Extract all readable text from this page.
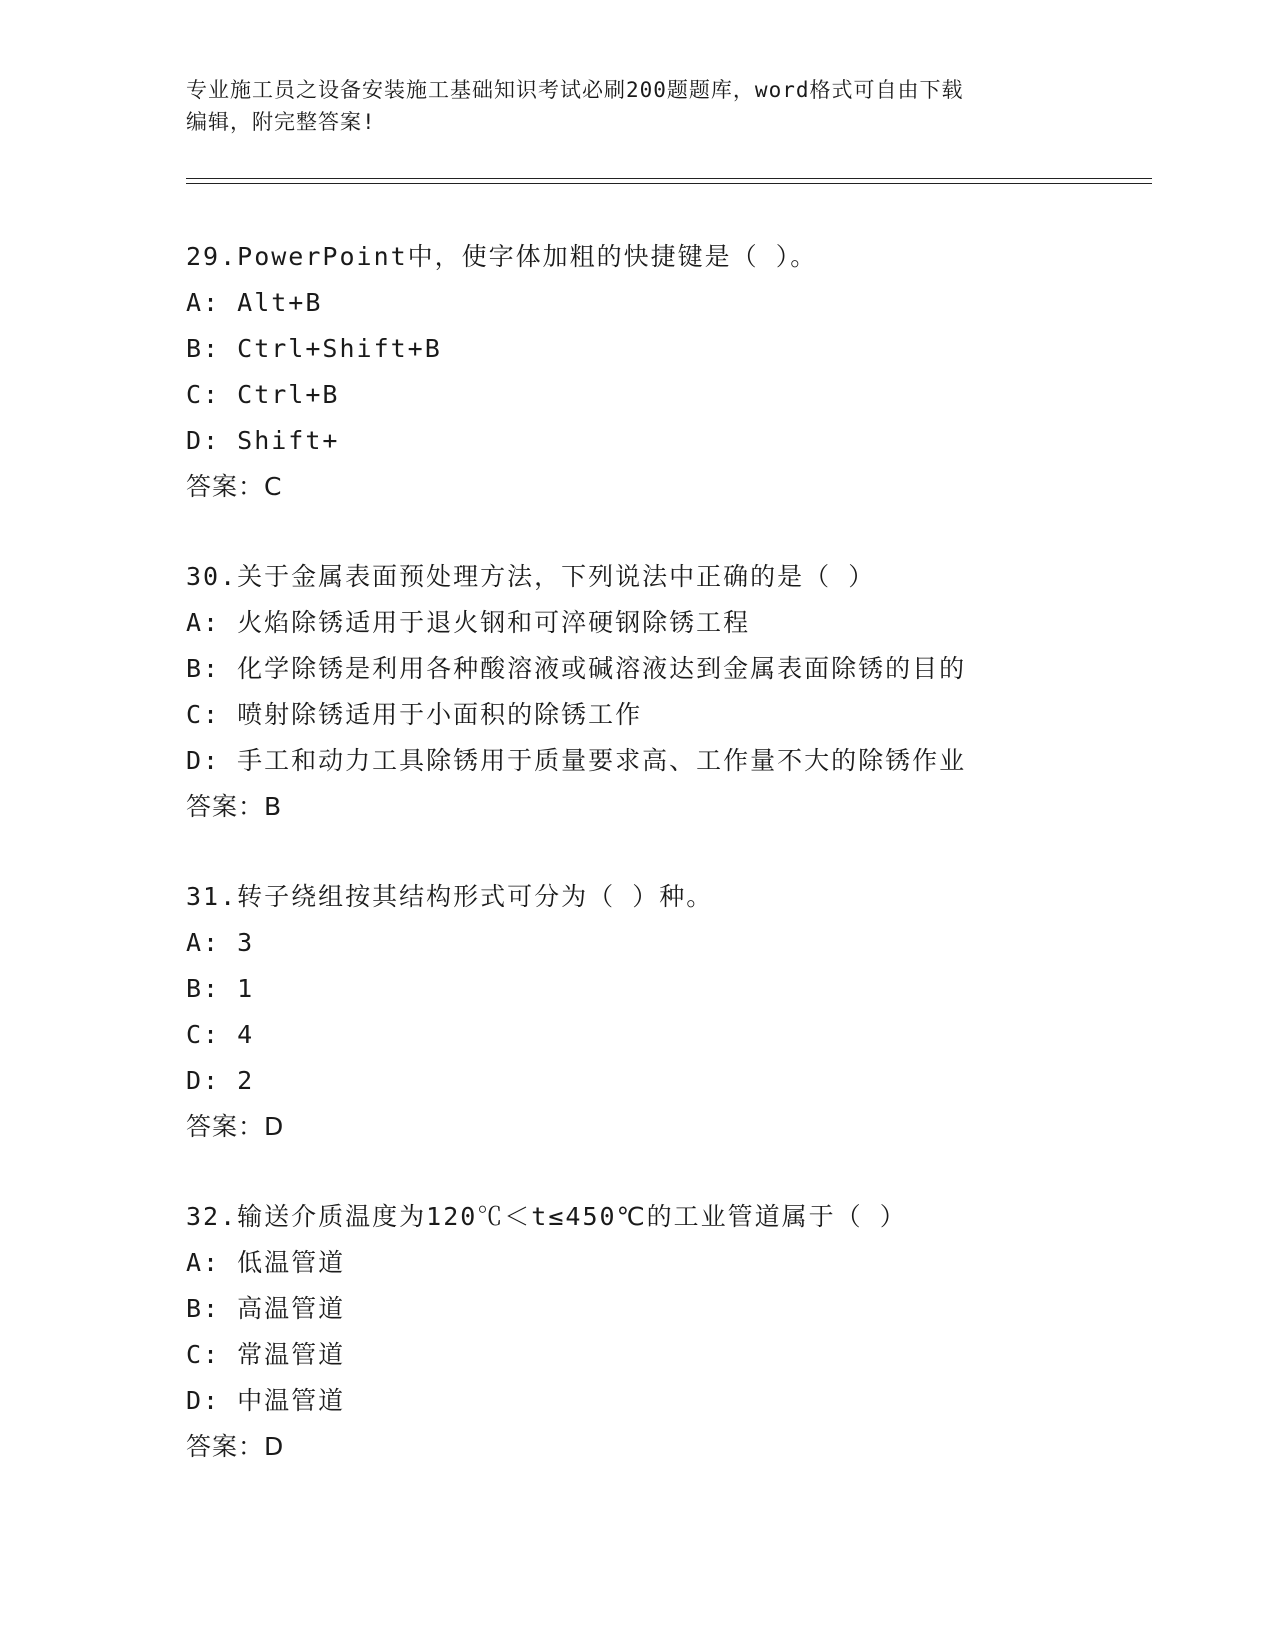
专业施工员之设备安装施工基础知识考试必刷200题题库，word格式可自由下载
编辑，附完整答案!
29.PowerPoint中，使字体加粗的快捷键是（ ）。
A: Alt+B
B: Ctrl+Shift+B
C: Ctrl+B
D: Shift+
答案：C
30.关于金属表面预处理方法，下列说法中正确的是（ ）
A: 火焰除锈适用于退火钢和可淬硬钢除锈工程
B: 化学除锈是利用各种酸溶液或碱溶液达到金属表面除锈的目的
C: 喷射除锈适用于小面积的除锈工作
D: 手工和动力工具除锈用于质量要求高、工作量不大的除锈作业
答案：B
31.转子绕组按其结构形式可分为（ ）种。
A: 3
B: 1
C: 4
D: 2
答案：D
32.输送介质温度为120℃＜t≤450℃的工业管道属于（ ）
A: 低温管道
B: 高温管道
C: 常温管道
D: 中温管道
答案：D
